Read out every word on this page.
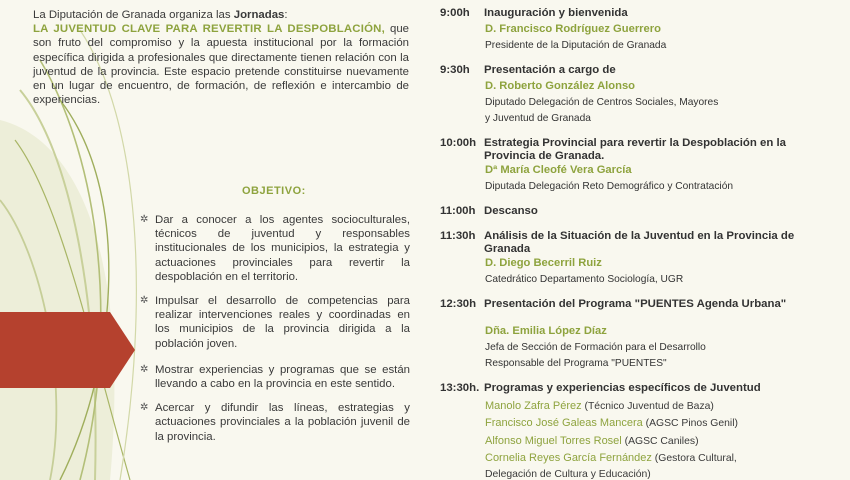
La Diputación de Granada organiza las Jornadas:
LA JUVENTUD CLAVE PARA REVERTIR LA DESPOBLACIÓN, que son fruto del compromiso y la apuesta institucional por la formación específica dirigida a profesionales que directamente tienen relación con la juventud de la provincia. Este espacio pretende constituirse nuevamente en un lugar de encuentro, de formación, de reflexión e intercambio de experiencias.
OBJETIVO:
✲ Dar a conocer a los agentes socioculturales, técnicos de juventud y responsables institucionales de los municipios, la estrategia y actuaciones provinciales para revertir la despoblación en el territorio.
✲ Impulsar el desarrollo de competencias para realizar intervenciones reales y coordinadas en los municipios de la provincia dirigida a la población joven.
✲ Mostrar experiencias y programas que se están llevando a cabo en la provincia en este sentido.
✲ Acercar y difundir las líneas, estrategias y actuaciones provinciales a la población juvenil de la provincia.
9:00h Inauguración y bienvenida
D. Francisco Rodríguez Guerrero
Presidente de la Diputación de Granada
9:30h Presentación a cargo de
D. Roberto González Alonso
Diputado Delegación de Centros Sociales, Mayores
y Juventud de Granada
10:00h Estrategia Provincial para revertir la Despoblación en la Provincia de Granada.
Dª María Cleofé Vera García
Diputada Delegación Reto Demográfico y Contratación
11:00h Descanso
11:30h Análisis de la Situación de la Juventud en la Provincia de Granada
D. Diego Becerril Ruiz
Catedrático Departamento Sociología, UGR
12:30h Presentación del Programa "PUENTES Agenda Urbana"
Dña. Emilia López Díaz
Jefa de Sección de Formación para el Desarrollo
Responsable del Programa "PUENTES"
13:30h. Programas y experiencias específicos de Juventud
Manolo Zafra Pérez (Técnico Juventud de Baza)
Francisco José Galeas Mancera (AGSC Pinos Genil)
Alfonso Miguel Torres Rosel (AGSC Caniles)
Cornelia Reyes García Fernández (Gestora Cultural,
Delegación de Cultura y Educación)
